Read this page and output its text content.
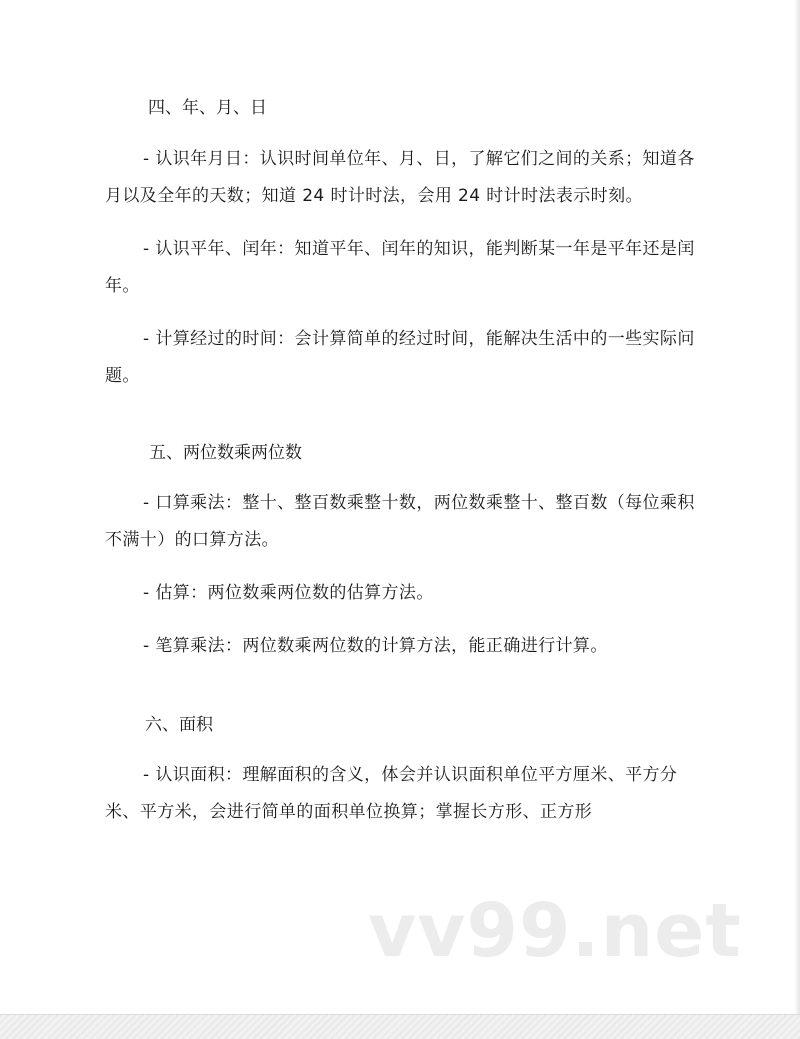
四、年、月、日

- 认识年月日：认识时间单位年、月、日，了解它们之间的关系；知道各月以及全年的天数；知道 24 时计时法，会用 24 时计时法表示时刻。

- 认识平年、闰年：知道平年、闰年的知识，能判断某一年是平年还是闰年。

- 计算经过的时间：会计算简单的经过时间，能解决生活中的一些实际问题。

五、两位数乘两位数

- 口算乘法：整十、整百数乘整十数，两位数乘整十、整百数（每位乘积不满十）的口算方法。

- 估算：两位数乘两位数的估算方法。

- 笔算乘法：两位数乘两位数的计算方法，能正确进行计算。

六、面积

- 认识面积：理解面积的含义，体会并认识面积单位平方厘米、平方分米、平方米，会进行简单的面积单位换算；掌握长方形、正方形

vv99.net
